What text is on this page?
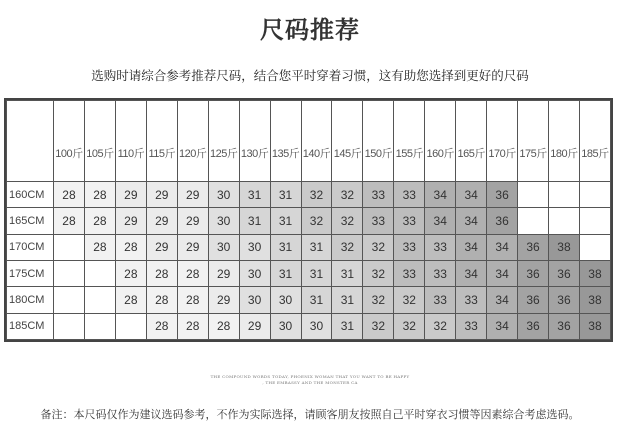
尺码推荐
选购时请综合参考推荐尺码，结合您平时穿着习惯，这有助您选择到更好的尺码
	100斤	105斤	110斤	115斤	120斤	125斤	130斤	135斤	140斤	145斤	150斤	155斤	160斤	165斤	170斤	175斤	180斤	185斤
160CM	28	28	29	29	29	30	31	31	32	32	33	33	34	34	36			
165CM	28	28	29	29	29	30	31	31	32	32	33	33	34	34	36			
170CM		28	28	29	29	30	30	31	31	32	32	33	33	34	34	36	38	
175CM			28	28	28	29	30	31	31	31	32	33	33	34	34	36	36	38
180CM			28	28	28	29	30	30	31	31	32	32	33	33	34	36	36	38
185CM				28	28	28	29	30	30	31	32	32	32	33	34	36	36	38
THE COMPOUND WORDS TODAY, PHOENIX WOMAN THAT YOU WANT TO BE HAPPY
, THE EMBASSY AND THE MONSTER CA
备注：本尺码仅作为建议选码参考，不作为实际选择，请顾客朋友按照自己平时穿衣习惯等因素综合考虑选码。
